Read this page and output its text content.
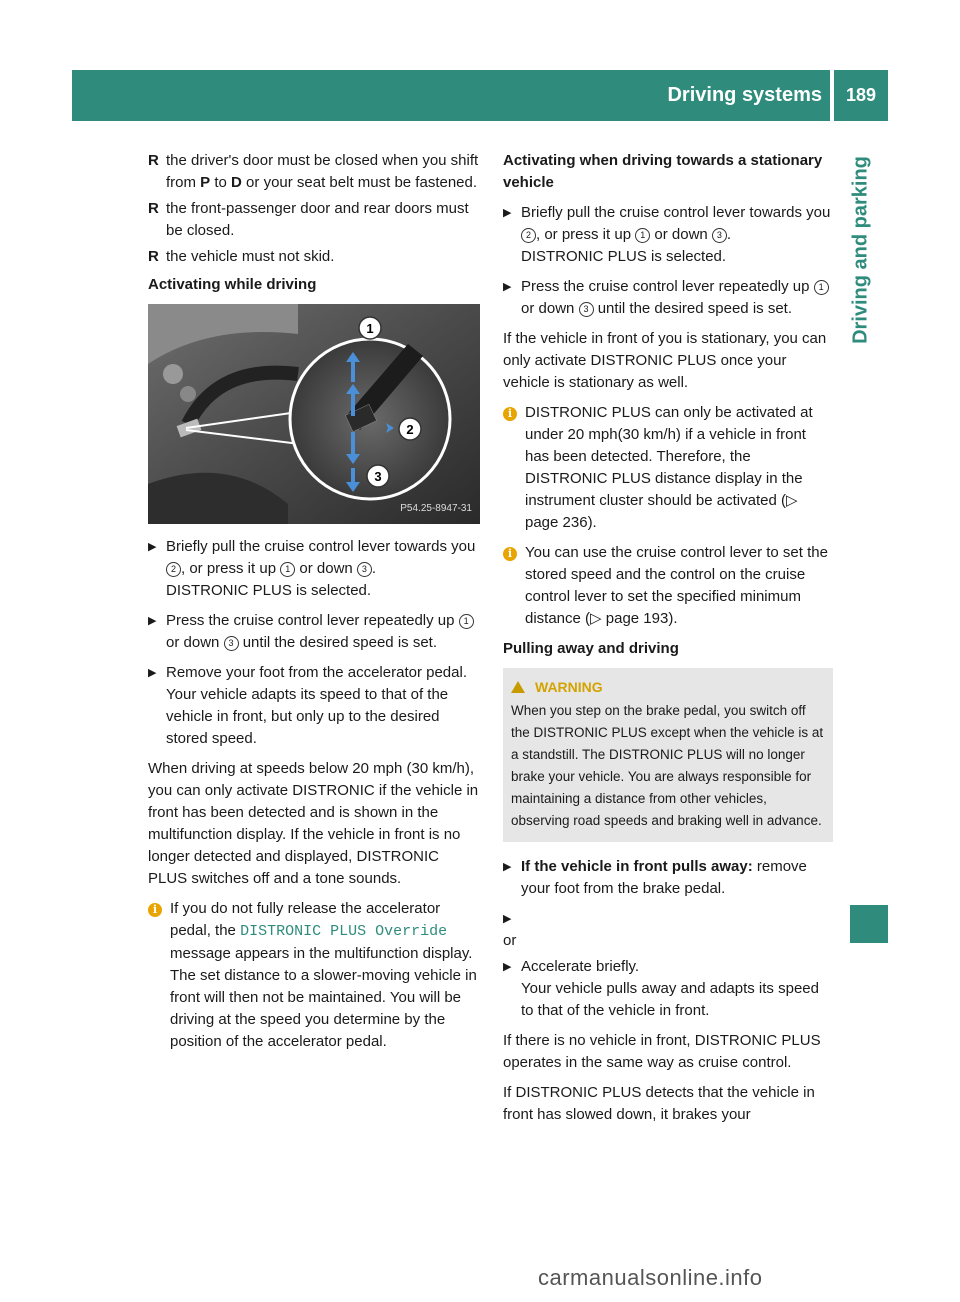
Driving systems	189
Driving and parking
R the driver's door must be closed when you shift from P to D or your seat belt must be fastened.
R the front-passenger door and rear doors must be closed.
R the vehicle must not skid.
Activating while driving
1
2
3
P54.25-8947-31
▶ Briefly pull the cruise control lever towards you 2 , or press it up 1 or down 3 .
DISTRONIC PLUS is selected.
▶ Press the cruise control lever repeatedly up 1 or down 3 until the desired speed is set.
▶ Remove your foot from the accelerator pedal.
Your vehicle adapts its speed to that of the vehicle in front, but only up to the desired stored speed.

When driving at speeds below 20 mph (30 km/h), you can only activate DISTRONIC if the vehicle in front has been detected and is shown in the multifunction display. If the vehicle in front is no longer detected and displayed, DISTRONIC PLUS switches off and a tone sounds.

i If you do not fully release the accelerator pedal, the DISTRONIC PLUS Override message appears in the multifunction display. The set distance to a slower-moving vehicle in front will then not be maintained. You will be driving at the speed you determine by the position of the accelerator pedal.
Activating when driving towards a stationary vehicle
▶ Briefly pull the cruise control lever towards you 2 , or press it up 1 or down 3 .
DISTRONIC PLUS is selected.
▶ Press the cruise control lever repeatedly up 1 or down 3 until the desired speed is set.

If the vehicle in front of you is stationary, you can only activate DISTRONIC PLUS once your vehicle is stationary as well.

i DISTRONIC PLUS can only be activated at under 20 mph(30 km/h) if a vehicle in front has been detected. Therefore, the DISTRONIC PLUS distance display in the instrument cluster should be activated (▷ page 236).
i You can use the cruise control lever to set the stored speed and the control on the cruise control lever to set the specified minimum distance (▷ page 193).
Pulling away and driving
WARNING
When you step on the brake pedal, you switch off the DISTRONIC PLUS except when the vehicle is at a standstill. The DISTRONIC PLUS will no longer brake your vehicle. You are always responsible for maintaining a distance from other vehicles, observing road speeds and braking well in advance.
▶ If the vehicle in front pulls away: remove your foot from the brake pedal.
▶

or

▶ Accelerate briefly.
Your vehicle pulls away and adapts its speed to that of the vehicle in front.

If there is no vehicle in front, DISTRONIC PLUS operates in the same way as cruise control.

If DISTRONIC PLUS detects that the vehicle in front has slowed down, it brakes your

carmanualsonline.info
